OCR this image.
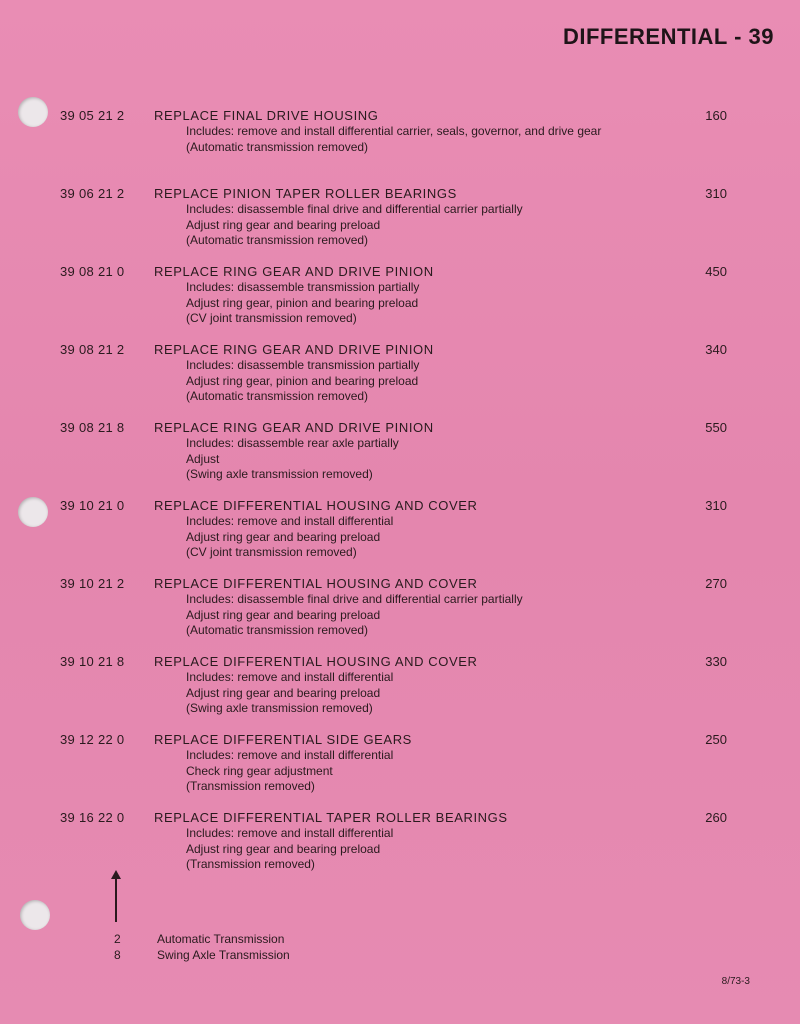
DIFFERENTIAL - 39
39 05 21 2 REPLACE FINAL DRIVE HOUSING	160
Includes: remove and install differential carrier, seals, governor, and drive gear
(Automatic transmission removed)
39 06 21 2 REPLACE PINION TAPER ROLLER BEARINGS	310
Includes: disassemble final drive and differential carrier partially
Adjust ring gear and bearing preload
(Automatic transmission removed)
39 08 21 0 REPLACE RING GEAR AND DRIVE PINION	450
Includes: disassemble transmission partially
Adjust ring gear, pinion and bearing preload
(CV joint transmission removed)
39 08 21 2 REPLACE RING GEAR AND DRIVE PINION	340
Includes: disassemble transmission partially
Adjust ring gear, pinion and bearing preload
(Automatic transmission removed)
39 08 21 8 REPLACE RING GEAR AND DRIVE PINION	550
Includes: disassemble rear axle partially
Adjust
(Swing axle transmission removed)
39 10 21 0 REPLACE DIFFERENTIAL HOUSING AND COVER	310
Includes: remove and install differential
Adjust ring gear and bearing preload
(CV joint transmission removed)
39 10 21 2 REPLACE DIFFERENTIAL HOUSING AND COVER	270
Includes: disassemble final drive and differential carrier partially
Adjust ring gear and bearing preload
(Automatic transmission removed)
39 10 21 8 REPLACE DIFFERENTIAL HOUSING AND COVER	330
Includes: remove and install differential
Adjust ring gear and bearing preload
(Swing axle transmission removed)
39 12 22 0 REPLACE DIFFERENTIAL SIDE GEARS	250
Includes: remove and install differential
Check ring gear adjustment
(Transmission removed)
39 16 22 0 REPLACE DIFFERENTIAL TAPER ROLLER BEARINGS	260
Includes: remove and install differential
Adjust ring gear and bearing preload
(Transmission removed)
2	Automatic Transmission
8	Swing Axle Transmission
8/73-3
